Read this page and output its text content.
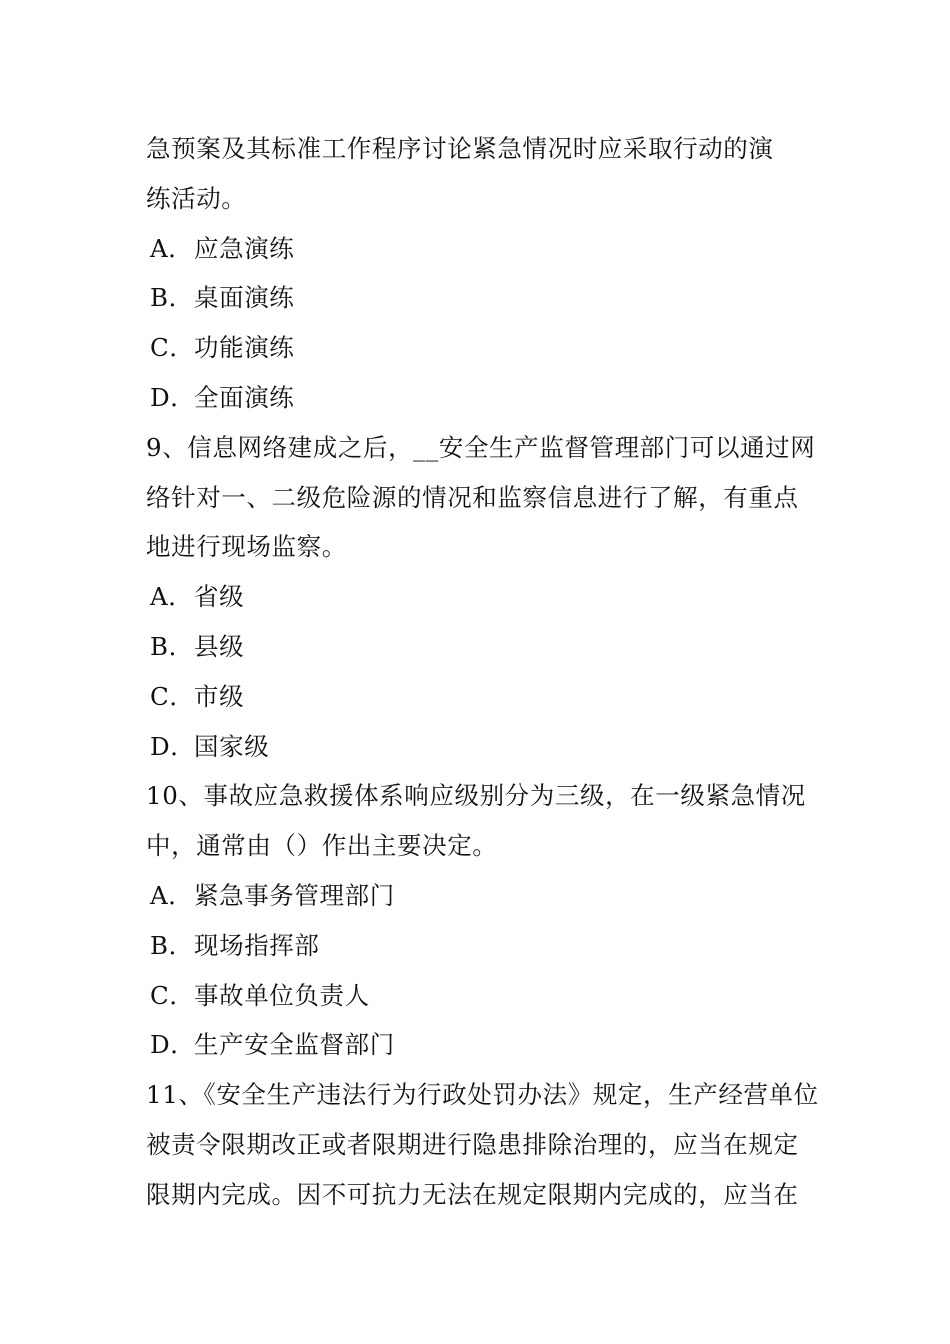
急预案及其标准工作程序讨论紧急情况时应采取行动的演
练活动。
A．应急演练
B．桌面演练
C．功能演练
D．全面演练
9、信息网络建成之后，__安全生产监督管理部门可以通过网
络针对一、二级危险源的情况和监察信息进行了解，有重点
地进行现场监察。
A．省级
B．县级
C．市级
D．国家级
10、事故应急救援体系响应级别分为三级，在一级紧急情况
中，通常由（）作出主要决定。
A．紧急事务管理部门
B．现场指挥部
C．事故单位负责人
D．生产安全监督部门
11、《安全生产违法行为行政处罚办法》规定，生产经营单位
被责令限期改正或者限期进行隐患排除治理的，应当在规定
限期内完成。因不可抗力无法在规定限期内完成的，应当在
